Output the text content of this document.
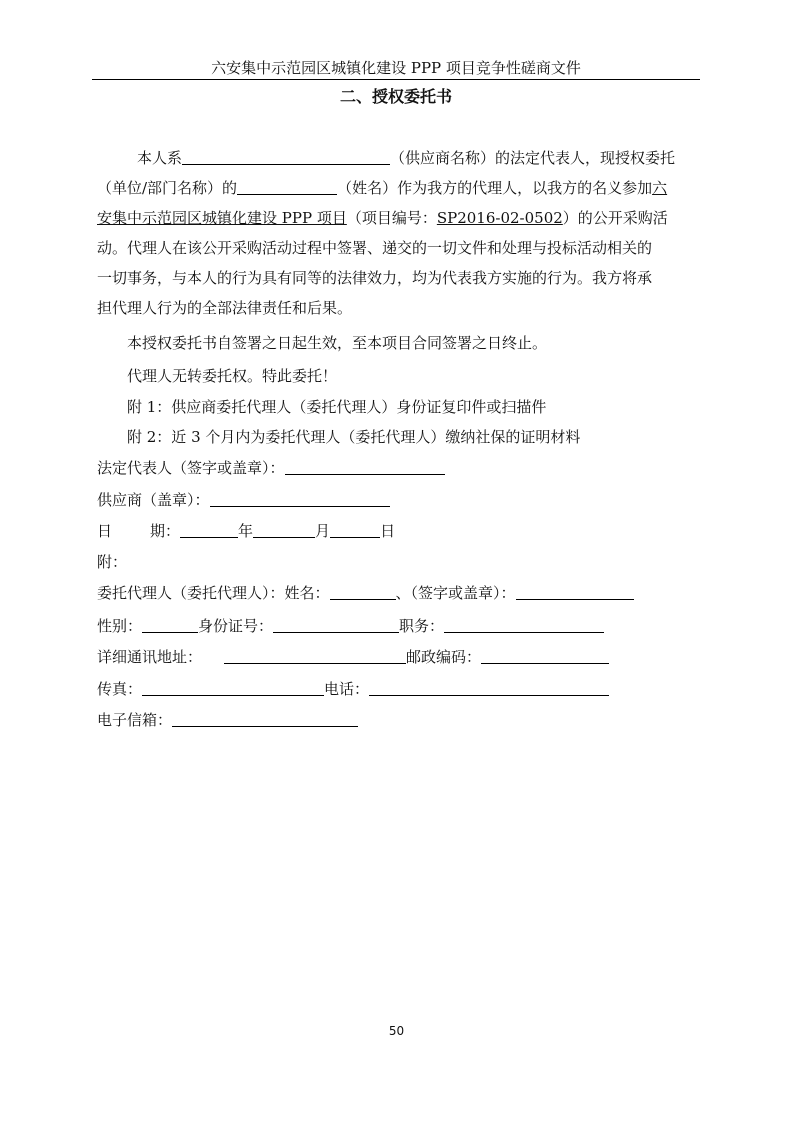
六安集中示范园区城镇化建设 PPP 项目竞争性磋商文件
二、授权委托书
本人系	（供应商名称）的法定代表人，现授权委托
（单位/部门名称）的	（姓名）作为我方的代理人，以我方的名义参加六
安集中示范园区城镇化建设 PPP 项目（项目编号：SP2016-02-0502）的公开采购活
动。代理人在该公开采购活动过程中签署、递交的一切文件和处理与投标活动相关的
一切事务，与本人的行为具有同等的法律效力，均为代表我方实施的行为。我方将承
担代理人行为的全部法律责任和后果。
本授权委托书自签署之日起生效，至本项目合同签署之日终止。
代理人无转委托权。特此委托！
附 1：供应商委托代理人（委托代理人）身份证复印件或扫描件
附 2：近 3 个月内为委托代理人（委托代理人）缴纳社保的证明材料
法定代表人（签字或盖章）：
供应商（盖章）：
日	期：	年	月	日
附：
委托代理人（委托代理人）：姓名：	、（签字或盖章）：
性别：	身份证号：	职务：
详细通讯地址：	邮政编码：
传真：	电话：
电子信箱：
50
